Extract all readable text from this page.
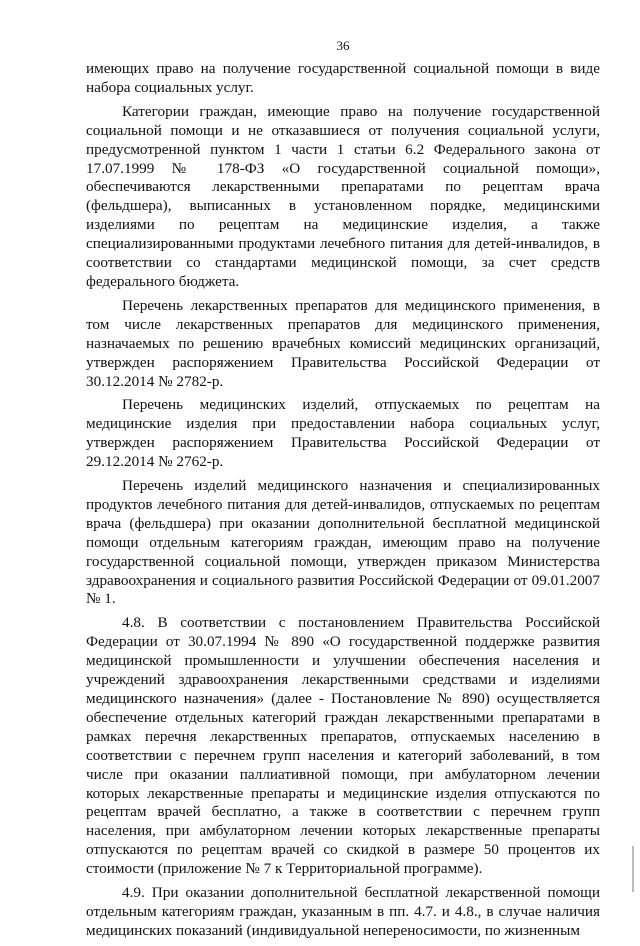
36

имеющих право на получение государственной социальной помощи в виде набора социальных услуг.

Категории граждан, имеющие право на получение государственной социальной помощи и не отказавшиеся от получения социальной услуги, предусмотренной пунктом 1 части 1 статьи 6.2 Федерального закона от 17.07.1999 № 178-ФЗ «О государственной социальной помощи», обеспечиваются лекарственными препаратами по рецептам врача (фельдшера), выписанных в установленном порядке, медицинскими изделиями по рецептам на медицинские изделия, а также специализированными продуктами лечебного питания для детей-инвалидов, в соответствии со стандартами медицинской помощи, за счет средств федерального бюджета.

Перечень лекарственных препаратов для медицинского применения, в том числе лекарственных препаратов для медицинского применения, назначаемых по решению врачебных комиссий медицинских организаций, утвержден распоряжением Правительства Российской Федерации от 30.12.2014 № 2782-р.

Перечень медицинских изделий, отпускаемых по рецептам на медицинские изделия при предоставлении набора социальных услуг, утвержден распоряжением Правительства Российской Федерации от 29.12.2014 № 2762-р.

Перечень изделий медицинского назначения и специализированных продуктов лечебного питания для детей-инвалидов, отпускаемых по рецептам врача (фельдшера) при оказании дополнительной бесплатной медицинской помощи отдельным категориям граждан, имеющим право на получение государственной социальной помощи, утвержден приказом Министерства здравоохранения и социального развития Российской Федерации от 09.01.2007 № 1.

4.8. В соответствии с постановлением Правительства Российской Федерации от 30.07.1994 № 890 «О государственной поддержке развития медицинской промышленности и улучшении обеспечения населения и учреждений здравоохранения лекарственными средствами и изделиями медицинского назначения» (далее - Постановление № 890) осуществляется обеспечение отдельных категорий граждан лекарственными препаратами в рамках перечня лекарственных препаратов, отпускаемых населению в соответствии с перечнем групп населения и категорий заболеваний, в том числе при оказании паллиативной помощи, при амбулаторном лечении которых лекарственные препараты и медицинские изделия отпускаются по рецептам врачей бесплатно, а также в соответствии с перечнем групп населения, при амбулаторном лечении которых лекарственные препараты отпускаются по рецептам врачей со скидкой в размере 50 процентов их стоимости (приложение № 7 к Территориальной программе).

4.9. При оказании дополнительной бесплатной лекарственной помощи отдельным категориям граждан, указанным в пп. 4.7. и 4.8., в случае наличия медицинских показаний (индивидуальной непереносимости, по жизненным
